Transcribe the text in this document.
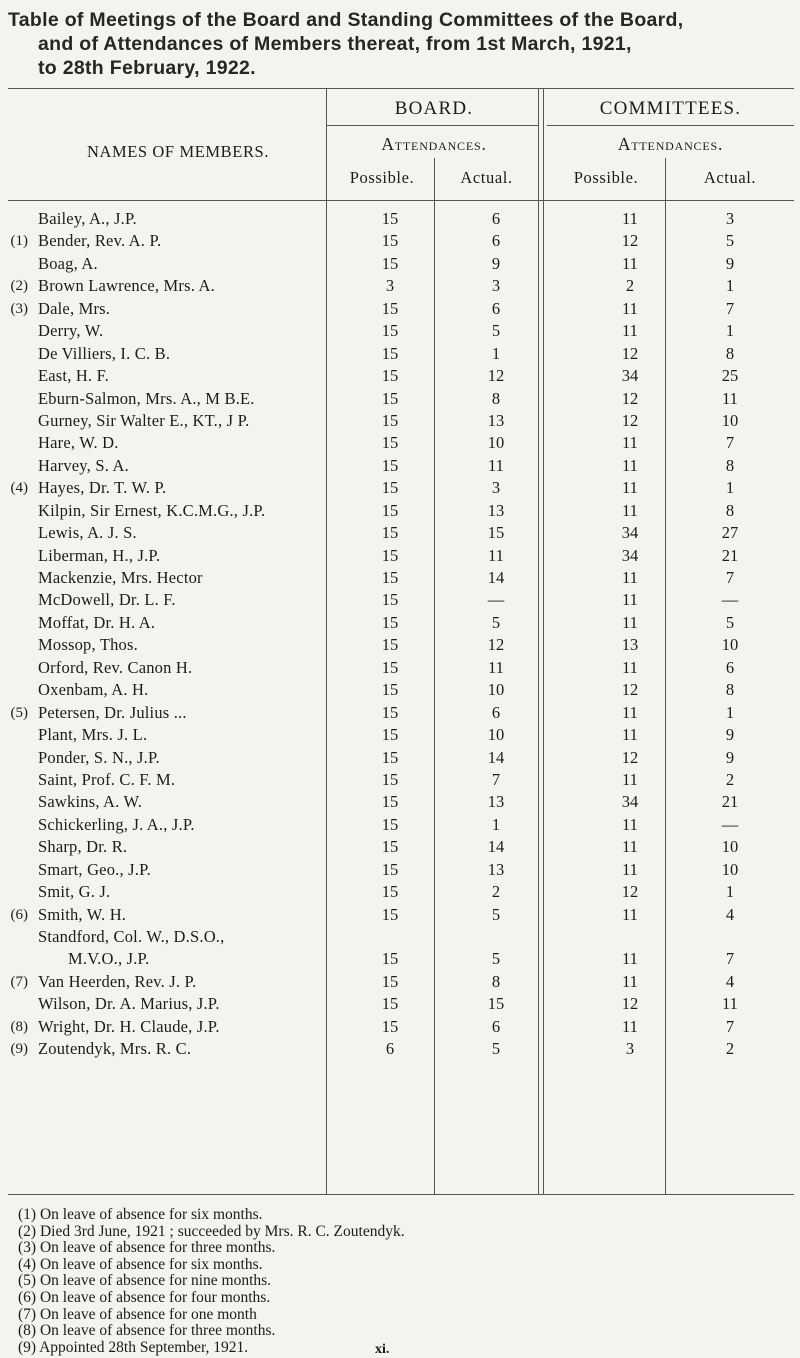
Table of Meetings of the Board and Standing Committees of the Board,
and of Attendances of Members thereat, from 1st March, 1921,
to 28th February, 1922.
NAMES OF MEMBERS.
BOARD.	COMMITTEES.
Attendances.	Attendances.
Possible.	Actual.	Possible.	Actual.
Bailey, A., J.P.	15	6	11	3
(1) Bender, Rev. A. P.	15	6	12	5
Boag, A.	15	9	11	9
(2) Brown Lawrence, Mrs. A.	3	3	2	1
(3) Dale, Mrs.	15	6	11	7
Derry, W.	15	5	11	1
De Villiers, I. C. B.	15	1	12	8
East, H. F.	15	12	34	25
Eburn-Salmon, Mrs. A., M B.E.	15	8	12	11
Gurney, Sir Walter E., KT., J P.	15	13	12	10
Hare, W. D.	15	10	11	7
Harvey, S. A.	15	11	11	8
(4) Hayes, Dr. T. W. P.	15	3	11	1
Kilpin, Sir Ernest, K.C.M.G., J.P.	15	13	11	8
Lewis, A. J. S.	15	15	34	27
Liberman, H., J.P.	15	11	34	21
Mackenzie, Mrs. Hector	15	14	11	7
McDowell, Dr. L. F.	15	—	11	—
Moffat, Dr. H. A.	15	5	11	5
Mossop, Thos.	15	12	13	10
Orford, Rev. Canon H.	15	11	11	6
Oxenbam, A. H.	15	10	12	8
(5) Petersen, Dr. Julius ...	15	6	11	1
Plant, Mrs. J. L.	15	10	11	9
Ponder, S. N., J.P.	15	14	12	9
Saint, Prof. C. F. M.	15	7	11	2
Sawkins, A. W.	15	13	34	21
Schickerling, J. A., J.P.	15	1	11	—
Sharp, Dr. R.	15	14	11	10
Smart, Geo., J.P.	15	13	11	10
Smit, G. J.	15	2	12	1
(6) Smith, W. H.	15	5	11	4
Standford, Col. W., D.S.O.,
M.V.O., J.P.	15	5	11	7
(7) Van Heerden, Rev. J. P.	15	8	11	4
Wilson, Dr. A. Marius, J.P.	15	15	12	11
(8) Wright, Dr. H. Claude, J.P.	15	6	11	7
(9) Zoutendyk, Mrs. R. C.	6	5	3	2
(1) On leave of absence for six months.
(2) Died 3rd June, 1921 ; succeeded by Mrs. R. C. Zoutendyk.
(3) On leave of absence for three months.
(4) On leave of absence for six months.
(5) On leave of absence for nine months.
(6) On leave of absence for four months.
(7) On leave of absence for one month
(8) On leave of absence for three months.
(9) Appointed 28th September, 1921.	xi.
